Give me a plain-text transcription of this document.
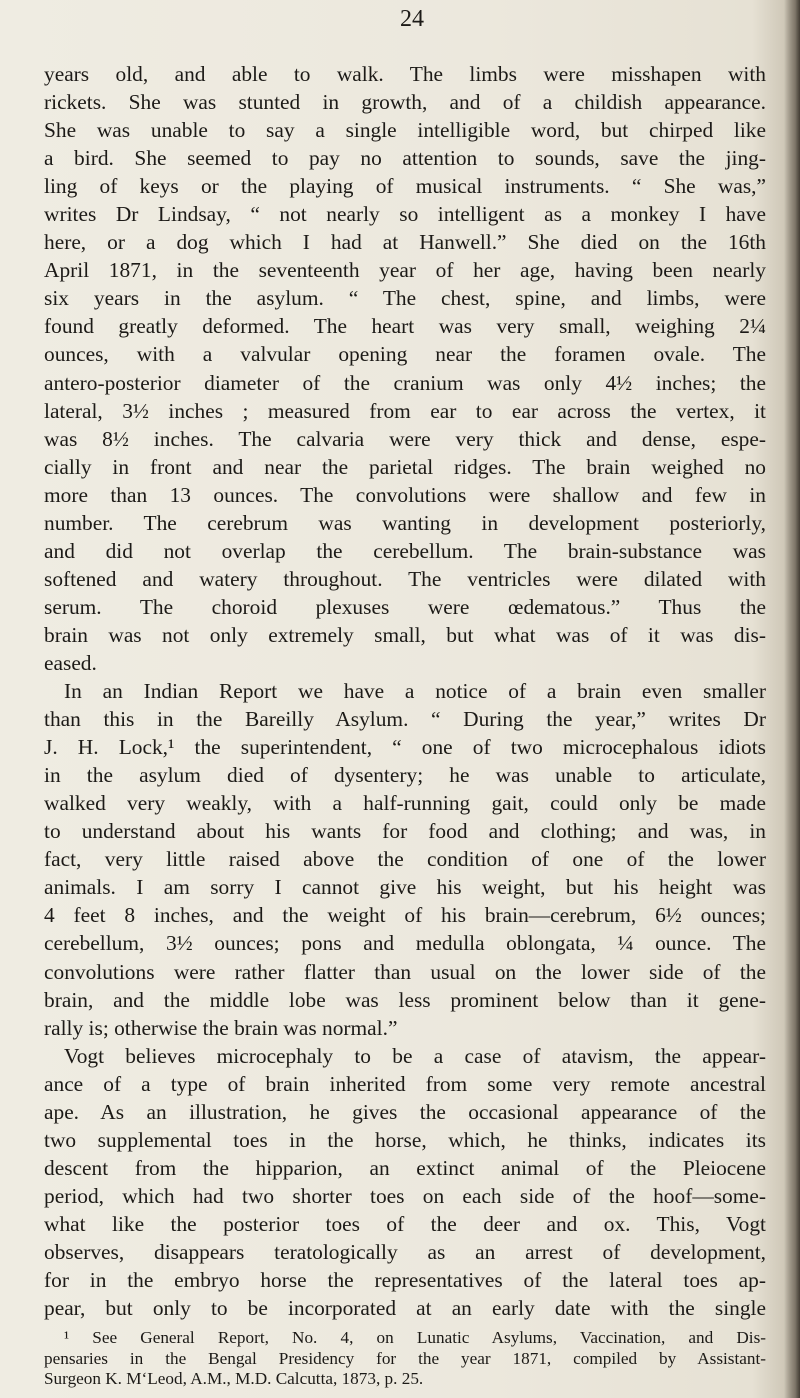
24
years old, and able to walk. The limbs were misshapen with
rickets. She was stunted in growth, and of a childish appearance.
She was unable to say a single intelligible word, but chirped like
a bird. She seemed to pay no attention to sounds, save the jing-
ling of keys or the playing of musical instruments. “ She was,”
writes Dr Lindsay, “ not nearly so intelligent as a monkey I have
here, or a dog which I had at Hanwell.” She died on the 16th
April 1871, in the seventeenth year of her age, having been nearly
six years in the asylum. “ The chest, spine, and limbs, were
found greatly deformed. The heart was very small, weighing 2¼
ounces, with a valvular opening near the foramen ovale. The
antero-posterior diameter of the cranium was only 4½ inches; the
lateral, 3½ inches ; measured from ear to ear across the vertex, it
was 8½ inches. The calvaria were very thick and dense, espe-
cially in front and near the parietal ridges. The brain weighed no
more than 13 ounces. The convolutions were shallow and few in
number. The cerebrum was wanting in development posteriorly,
and did not overlap the cerebellum. The brain-substance was
softened and watery throughout. The ventricles were dilated with
serum. The choroid plexuses were œdematous.” Thus the
brain was not only extremely small, but what was of it was dis-
eased.
In an Indian Report we have a notice of a brain even smaller
than this in the Bareilly Asylum. “ During the year,” writes Dr
J. H. Lock,¹ the superintendent, “ one of two microcephalous idiots
in the asylum died of dysentery; he was unable to articulate,
walked very weakly, with a half-running gait, could only be made
to understand about his wants for food and clothing; and was, in
fact, very little raised above the condition of one of the lower
animals. I am sorry I cannot give his weight, but his height was
4 feet 8 inches, and the weight of his brain—cerebrum, 6½ ounces;
cerebellum, 3½ ounces; pons and medulla oblongata, ¼ ounce. The
convolutions were rather flatter than usual on the lower side of the
brain, and the middle lobe was less prominent below than it gene-
rally is; otherwise the brain was normal.”
Vogt believes microcephaly to be a case of atavism, the appear-
ance of a type of brain inherited from some very remote ancestral
ape. As an illustration, he gives the occasional appearance of the
two supplemental toes in the horse, which, he thinks, indicates its
descent from the hipparion, an extinct animal of the Pleiocene
period, which had two shorter toes on each side of the hoof—some-
what like the posterior toes of the deer and ox. This, Vogt
observes, disappears teratologically as an arrest of development,
for in the embryo horse the representatives of the lateral toes ap-
pear, but only to be incorporated at an early date with the single
¹ See General Report, No. 4, on Lunatic Asylums, Vaccination, and Dis-
pensaries in the Bengal Presidency for the year 1871, compiled by Assistant-
Surgeon K. M‘Leod, A.M., M.D. Calcutta, 1873, p. 25.
